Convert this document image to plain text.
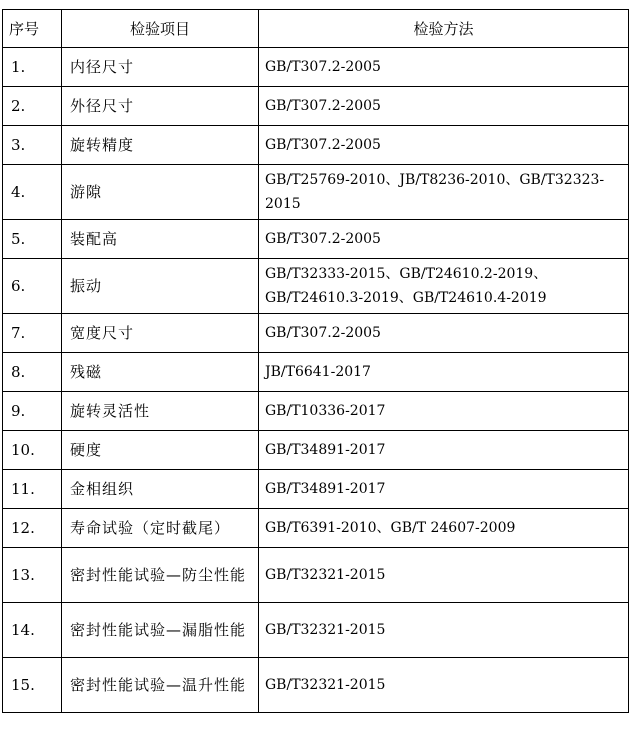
序号	检验项目	检验方法
1.	内径尺寸	GB/T307.2-2005
2.	外径尺寸	GB/T307.2-2005
3.	旋转精度	GB/T307.2-2005
4.	游隙	GB/T25769-2010、JB/T8236-2010、GB/T32323-2015
5.	装配高	GB/T307.2-2005
6.	振动	GB/T32333-2015、GB/T24610.2-2019、GB/T24610.3-2019、GB/T24610.4-2019
7.	宽度尺寸	GB/T307.2-2005
8.	残磁	JB/T6641-2017
9.	旋转灵活性	GB/T10336-2017
10.	硬度	GB/T34891-2017
11.	金相组织	GB/T34891-2017
12.	寿命试验（定时截尾）	GB/T6391-2010、GB/T 24607-2009
13.	密封性能试验—防尘性能	GB/T32321-2015
14.	密封性能试验—漏脂性能	GB/T32321-2015
15.	密封性能试验—温升性能	GB/T32321-2015
